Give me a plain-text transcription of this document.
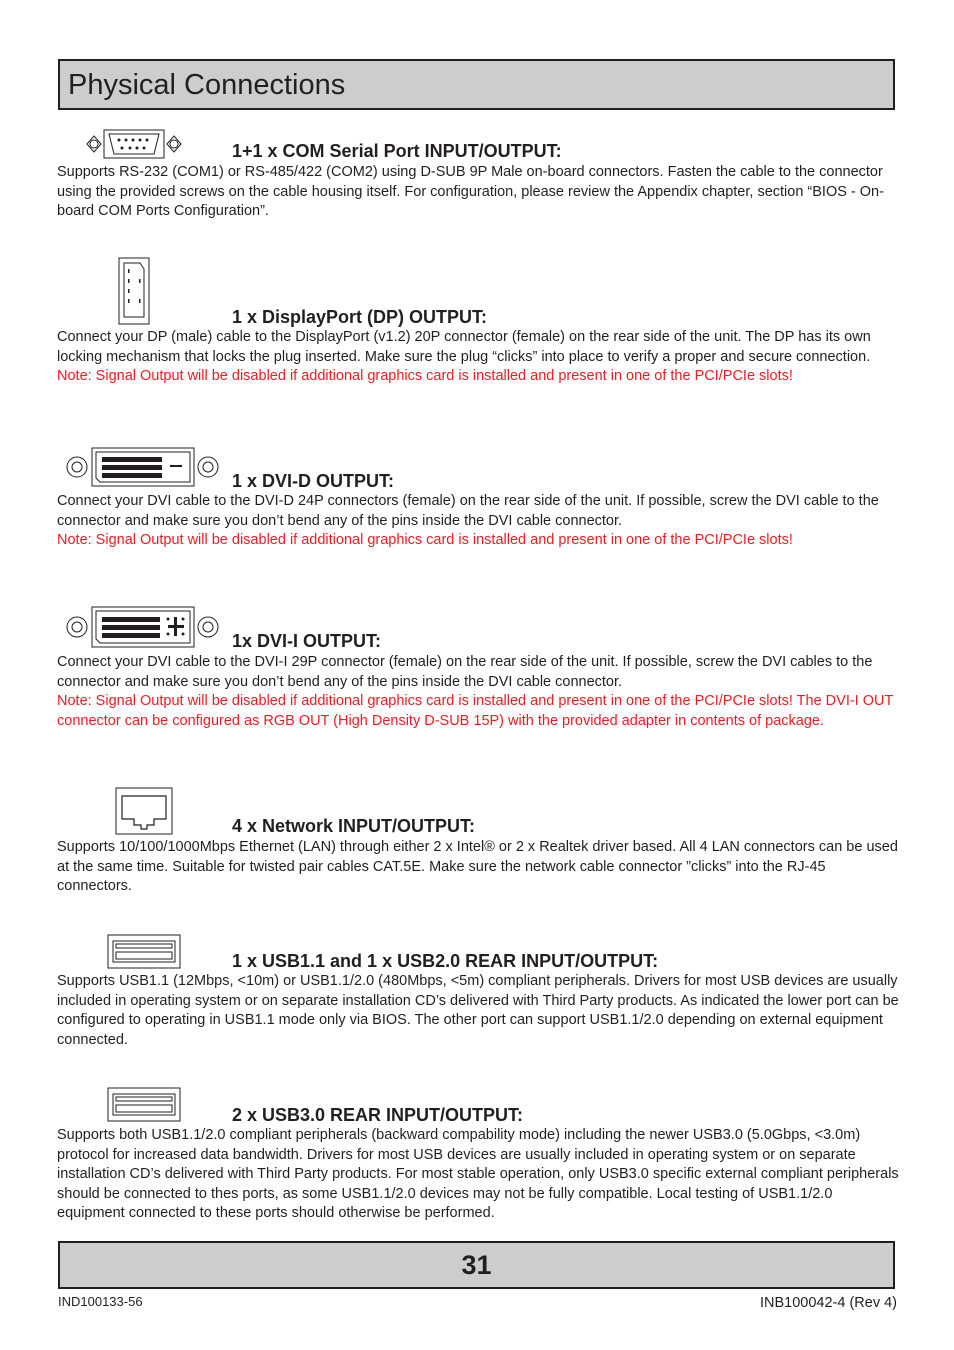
Physical Connections
1+1 x COM Serial Port INPUT/OUTPUT:

Supports RS-232 (COM1) or RS-485/422 (COM2) using D-SUB 9P Male on-board connectors. Fasten the cable to the connector using the provided screws on the cable housing itself. For configuration, please review the Appendix chapter, section “BIOS - On-board COM Ports Configuration”.

1 x DisplayPort (DP) OUTPUT:

Connect your DP (male) cable to the DisplayPort (v1.2) 20P connector (female) on the rear side of the unit. The DP has its own locking mechanism that locks the plug inserted. Make sure the plug “clicks” into place to verify a proper and secure connection.

Note: Signal Output will be disabled if additional graphics card is installed and present in one of the PCI/PCIe slots!

1 x DVI-D OUTPUT:

Connect your DVI cable to the DVI-D 24P connectors (female) on the rear side of the unit. If possible, screw the DVI cable to the connector and make sure you don’t bend any of the pins inside the DVI cable connector.

Note: Signal Output will be disabled if additional graphics card is installed and present in one of the PCI/PCIe slots!

1x DVI-I OUTPUT:

Connect your DVI cable to the DVI-I 29P connector (female) on the rear side of the unit. If possible, screw the DVI cables to the connector and make sure you don’t bend any of the pins inside the DVI cable connector.

Note: Signal Output will be disabled if additional graphics card is installed and present in one of the PCI/PCIe slots! The DVI-I OUT connector can be configured as RGB OUT (High Density D-SUB 15P) with the provided adapter in contents of package.

4 x Network INPUT/OUTPUT:

Supports 10/100/1000Mbps Ethernet (LAN) through either 2 x Intel® or 2 x Realtek driver based. All 4 LAN connectors can be used at the same time. Suitable for twisted pair cables CAT.5E. Make sure the network cable connector ”clicks” into the RJ-45 connectors.

1 x USB1.1 and 1 x USB2.0 REAR INPUT/OUTPUT:

Supports USB1.1 (12Mbps, <10m) or USB1.1/2.0 (480Mbps, <5m) compliant peripherals. Drivers for most USB devices are usually included in operating system or on separate installation CD’s delivered with Third Party products. As indicated the lower port can be configured to operating in USB1.1 mode only via BIOS. The other port can support USB1.1/2.0 depending on external equipment connected.

2 x USB3.0 REAR INPUT/OUTPUT:

Supports both USB1.1/2.0 compliant peripherals (backward compability mode) including the newer USB3.0 (5.0Gbps, <3.0m) protocol for increased data bandwidth. Drivers for most USB devices are usually included in operating system or on separate installation CD’s delivered with Third Party products. For most stable operation, only USB3.0 specific external compliant peripherals should be connected to thes ports, as some USB1.1/2.0 devices may not be fully compatible. Local testing of USB1.1/2.0 equipment connected to these ports should otherwise be performed.

31
IND100133-56	INB100042-4 (Rev 4)
